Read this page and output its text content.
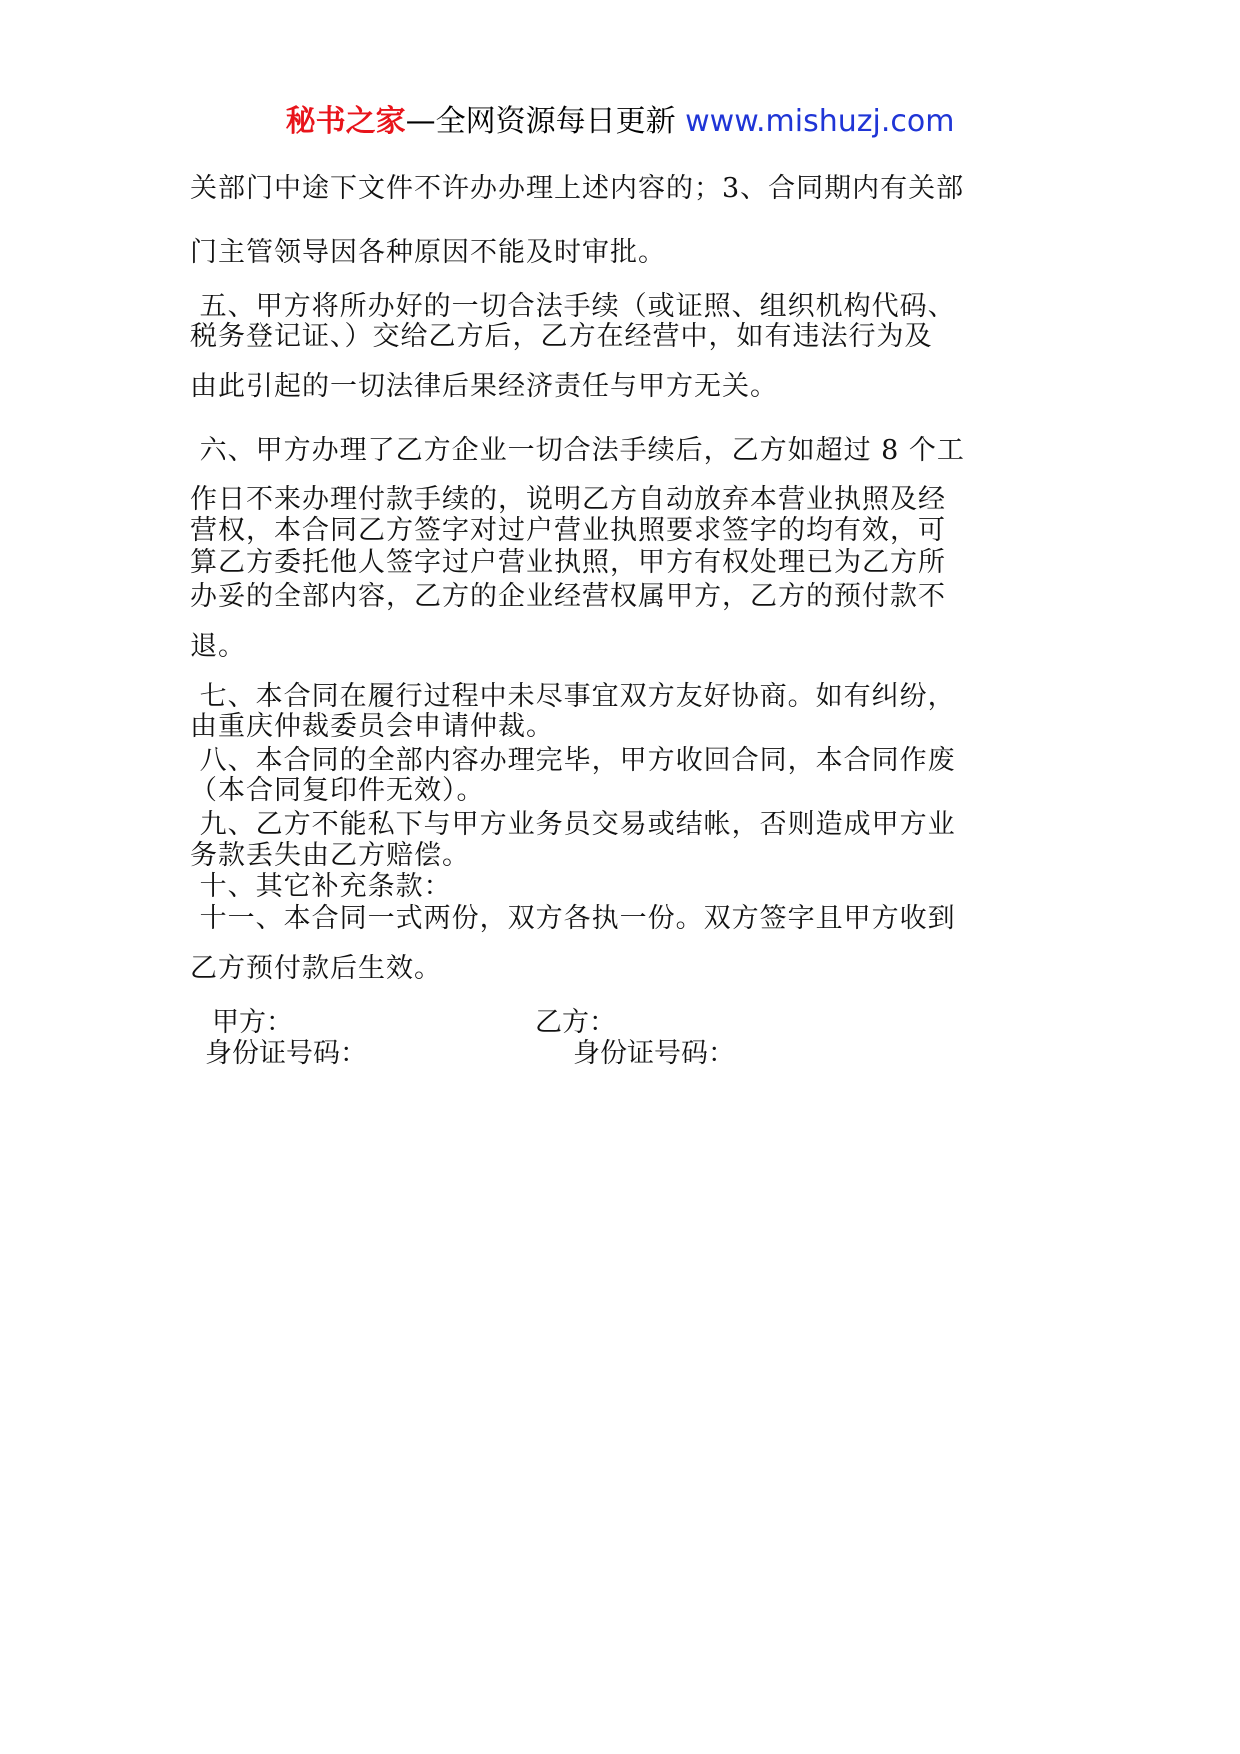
秘书之家—全网资源每日更新 www.mishuzj.com
关部门中途下文件不许办办理上述内容的；3、合同期内有关部
门主管领导因各种原因不能及时审批。
五、甲方将所办好的一切合法手续（或证照、组织机构代码、
税务登记证、）交给乙方后，乙方在经营中，如有违法行为及
由此引起的一切法律后果经济责任与甲方无关。
六、甲方办理了乙方企业一切合法手续后，乙方如超过 8 个工
作日不来办理付款手续的，说明乙方自动放弃本营业执照及经
营权，本合同乙方签字对过户营业执照要求签字的均有效，可
算乙方委托他人签字过户营业执照，甲方有权处理已为乙方所
办妥的全部内容，乙方的企业经营权属甲方，乙方的预付款不
退。
七、本合同在履行过程中未尽事宜双方友好协商。如有纠纷，
由重庆仲裁委员会申请仲裁。
八、本合同的全部内容办理完毕，甲方收回合同，本合同作废
（本合同复印件无效）。
九、乙方不能私下与甲方业务员交易或结帐，否则造成甲方业
务款丢失由乙方赔偿。
十、其它补充条款：
十一、本合同一式两份，双方各执一份。双方签字且甲方收到
乙方预付款后生效。
甲方：	乙方：
身份证号码：	身份证号码：
